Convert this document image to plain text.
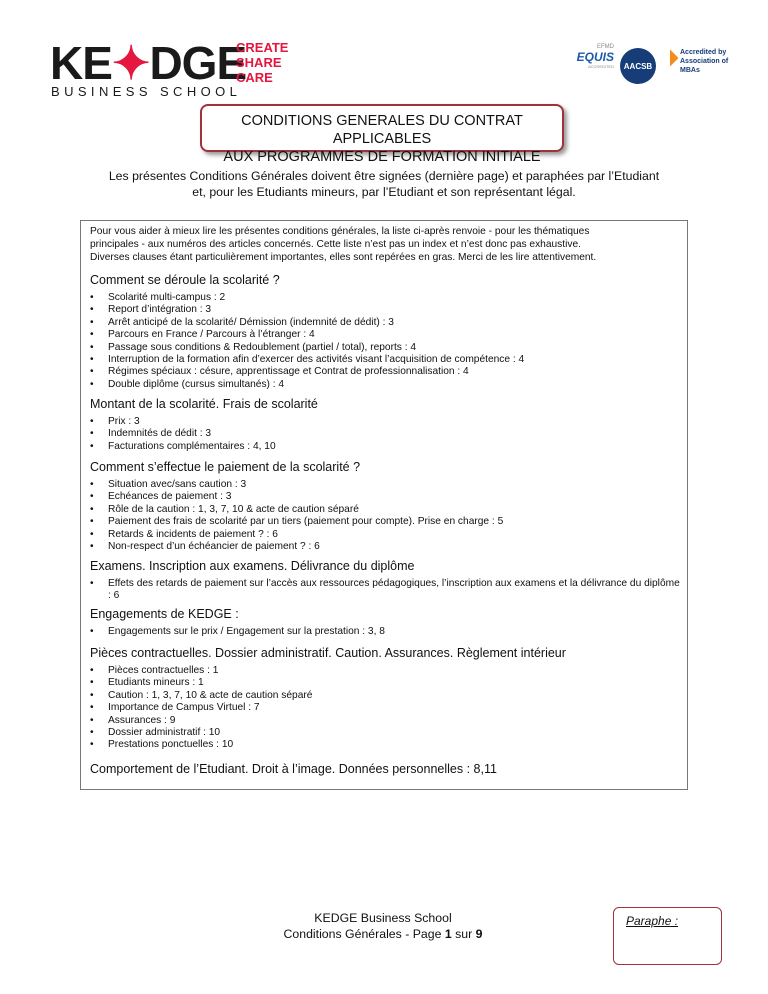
KE✦DGE
CREATE
SHARE
CARE
BUSINESS SCHOOL
EFMD
EQUIS
ACCREDITED	AACSB
Accredited by Association of MBAs
CONDITIONS GENERALES DU CONTRAT APPLICABLES
AUX PROGRAMMES DE FORMATION INITIALE
Les présentes Conditions Générales doivent être signées (dernière page) et paraphées par l’Etudiant
et, pour les Etudiants mineurs, par l’Etudiant et son représentant légal.
Pour vous aider à mieux lire les présentes conditions générales, la liste ci-après renvoie - pour les thématiques
principales - aux numéros des articles concernés. Cette liste n’est pas un index et n’est donc pas exhaustive.
Diverses clauses étant particulièrement importantes, elles sont repérées en gras. Merci de les lire attentivement.
Comment se déroule la scolarité ?
• Scolarité multi-campus : 2
• Report d’intégration : 3
• Arrêt anticipé de la scolarité/ Démission (indemnité de dédit) : 3
• Parcours en France / Parcours à l’étranger : 4
• Passage sous conditions & Redoublement (partiel / total), reports : 4
• Interruption de la formation afin d’exercer des activités visant l’acquisition de compétence : 4
• Régimes spéciaux : césure, apprentissage et Contrat de professionnalisation : 4
• Double diplôme (cursus simultanés) : 4
Montant de la scolarité. Frais de scolarité
• Prix : 3
• Indemnités de dédit : 3
• Facturations complémentaires : 4, 10
Comment s’effectue le paiement de la scolarité ?
• Situation avec/sans caution : 3
• Echéances de paiement : 3
• Rôle de la caution : 1, 3, 7, 10 & acte de caution séparé
• Paiement des frais de scolarité par un tiers (paiement pour compte). Prise en charge : 5
• Retards & incidents de paiement ? : 6
• Non-respect d’un échéancier de paiement ? : 6
Examens. Inscription aux examens. Délivrance du diplôme
• Effets des retards de paiement sur l’accès aux ressources pédagogiques, l’inscription aux examens et la délivrance du diplôme : 6
Engagements de KEDGE :
• Engagements sur le prix / Engagement sur la prestation : 3, 8
Pièces contractuelles. Dossier administratif. Caution. Assurances. Règlement intérieur
• Pièces contractuelles : 1
• Etudiants mineurs : 1
• Caution : 1, 3, 7, 10 & acte de caution séparé
• Importance de Campus Virtuel : 7
• Assurances : 9
• Dossier administratif : 10
• Prestations ponctuelles : 10
Comportement de l’Etudiant. Droit à l’image. Données personnelles : 8,11
KEDGE Business School
Conditions Générales - Page 1 sur 9
Paraphe :
